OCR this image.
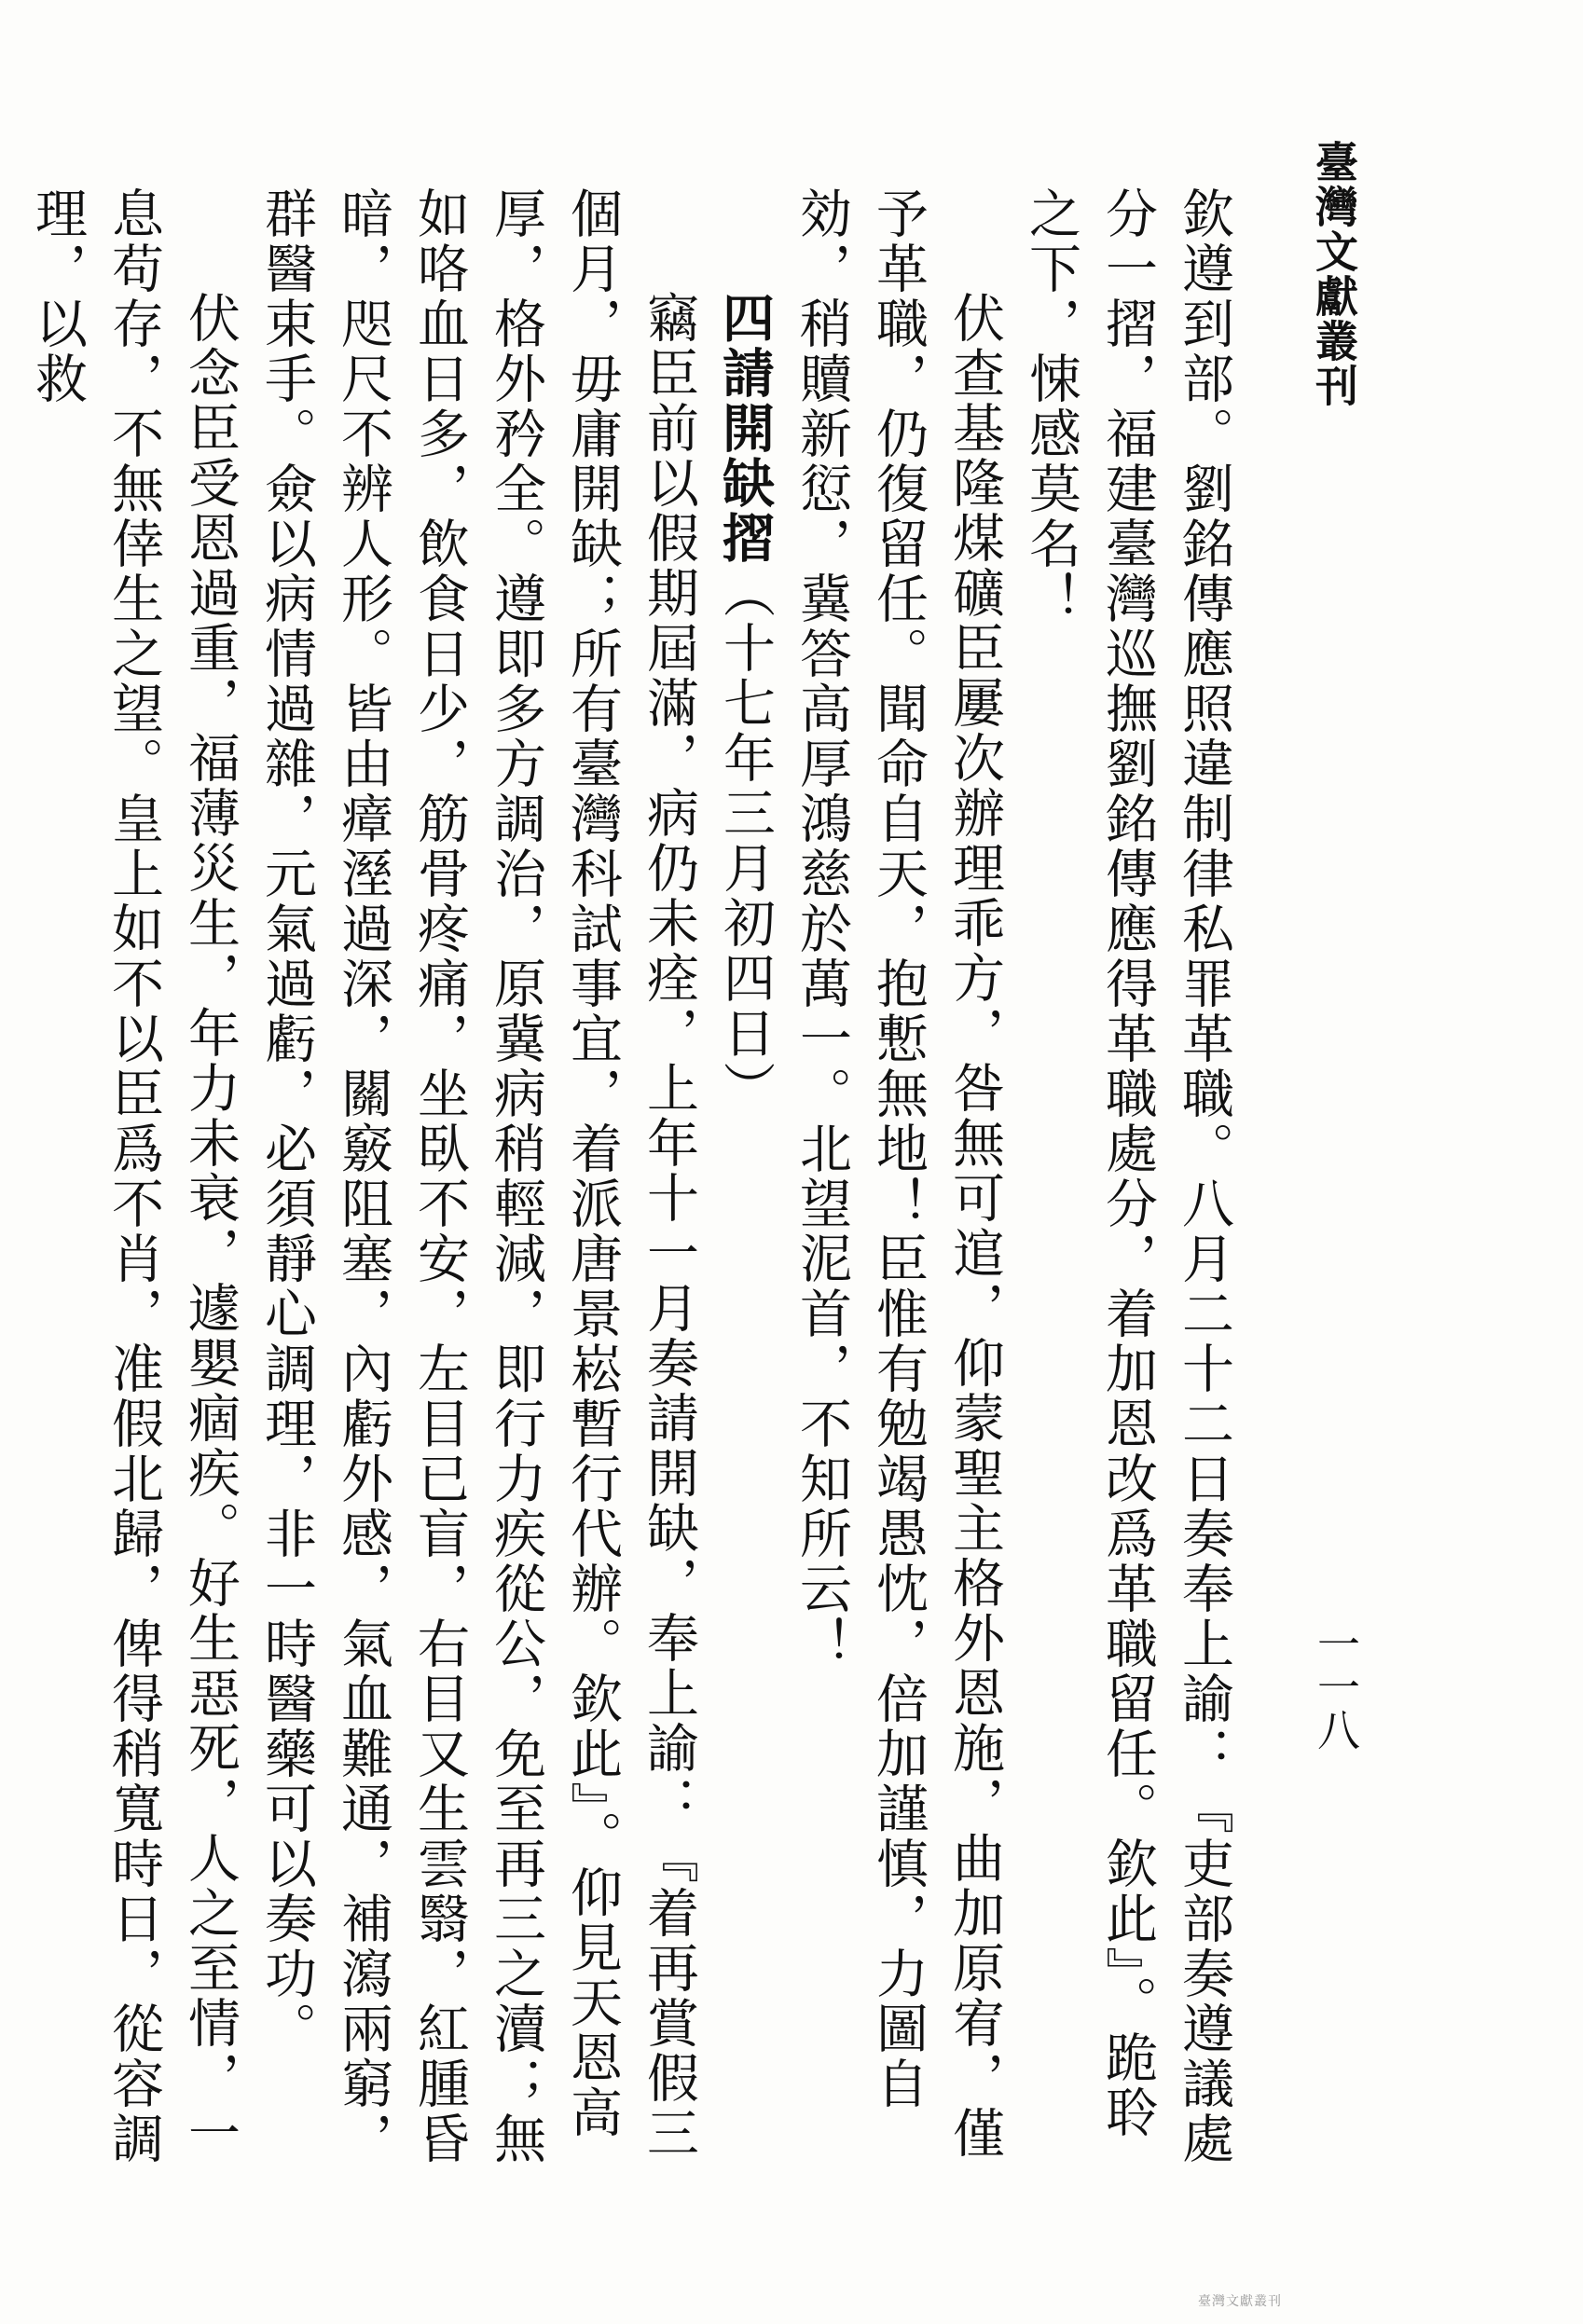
臺灣文獻叢刊
一一八

欽遵到部。劉銘傳應照違制律私罪革職。八月二十二日奏奉上諭：『吏部奏遵議處分一摺，福建臺灣巡撫劉銘傳應得革職處分，着加恩改爲革職留任。欽此』。跪聆之下，悚感莫名！

伏查基隆煤礦臣屢次辦理乖方，咎無可逭，仰蒙聖主格外恩施，曲加原宥，僅予革職，仍復留任。聞命自天，抱慙無地！臣惟有勉竭愚忱，倍加謹慎，力圖自効，稍贖新愆，冀答高厚鴻慈於萬一。北望泥首，不知所云！

四請開缺摺（十七年三月初四日）

竊臣前以假期屆滿，病仍未痊，上年十一月奏請開缺，奉上諭：『着再賞假三個月，毋庸開缺；所有臺灣科試事宜，着派唐景崧暫行代辦。欽此』。仰見天恩高厚，格外矜全。遵即多方調治，原冀病稍輕減，即行力疾從公，免至再三之瀆；無如咯血日多，飲食日少，筋骨疼痛，坐臥不安，左目已盲，右目又生雲翳，紅腫昏暗，咫尺不辨人形。皆由瘴溼過深，關竅阻塞，內虧外感，氣血難通，補瀉兩窮，群醫束手。僉以病情過雜，元氣過虧，必須靜心調理，非一時醫藥可以奏功。

伏念臣受恩過重，福薄災生，年力未衰，遽嬰痼疾。好生惡死，人之至情，一息苟存，不無倖生之望。皇上如不以臣爲不肖，准假北歸，俾得稍寬時日，從容調理，以救

臺灣文獻叢刊
